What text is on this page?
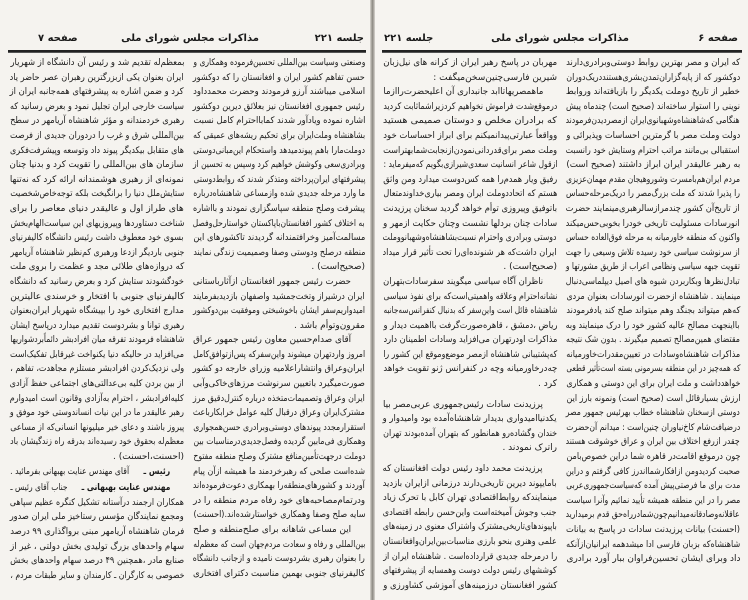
جلسه ۲۲۱
مذاکرات مجلس شورای ملی
صفحه ۷
وصنعتی وسیاست بین‌المللی تحسین‌فرموده وهمکاری و
حسن تفاهم کشور ایران و افغانستان را که دوکشور
اسلامی میباشند آرزو فرمودند وحضرت محمدداود
رئیس جمهوری افغانستان نیز بعلائق دیرین دوکشور
اشاره نموده ویادآور شدند کمابااحترام کامل نسبت
بشاهنشاه وملت‌ایران برای تحکیم ریشه‌های عمیقی که
دوملت‌مارا باهم پیوندمیدهد واستحکام این‌مبانی‌دوستی
وبرادری‌سعی وکوشش خواهیم کرد وسپس به تحسین از
پیشرفتهای ایران‌پرداخته ومتذکر شدند که روابط‌دوستی
ما وارد مرحله جدیدی شده وازمساعی شاهنشاه‌درباره
پیشرفت وصلح منطقه سپاسگزاری نمودند و بااشاره
به اختلاف کشور افغانستان‌باپاکستان خواستار‌حل‌وفصل
مسالمت‌آمیز وخرافتمندانه گردیدند تاکشورهای این
منطقه درصلح ودوستی وصفا وصمیمیت زندگی نمایند
(صحیح‌است) .
حضرت رئیس جمهور افغانستان ازآثارباستانی
ایران درشیراز وتخت‌جمشید واصفهان بازدیدبفرمایند
امیدواریم‌سفر ایشان باخوشبختی وموفقیت بین‌دوکشور
مقرون‌وتوأم باشد .
آقای صدام‌حسین معاون رئیس جمهور عراق
امروز واردتهران میشوند واین‌سفرکه پس‌ازتوافق‌کامل
ایران‌وعراق وانتشاراعلامیه وزرای خارجه دو کشور
صورت‌میگیرد باتعیین سرنوشت مرزهای‌خاکی‌وآبی
ایران وعراق وتصمیمات‌متخذه درباره کنترل‌دقیق مرز
مشترک‌ایران وعراق درقبال کلیه عوامل خرابکارباعث
استقرارمجدد پیوندهای دوستی‌وبرادری حسن‌همجواری
وهمکاری فی‌مابین گردیده وفصل‌جدیدی‌درمناسبات بین
دوملت درجهت‌تأمین‌منافع مشترک وصلح منطقه مفتوح
شده‌است صلحی که رهبرخردمند ما همیشه ازآن پیام
آوردند و کشورهای‌منطقه‌را بهمکاری دعوت‌فرموده‌اند
ودرتمام‌مصاحبه‌های خود رفاه مردم منطقه را در
سایه صلح وصفا وهمکاری خواستارشده‌اند.(احسنت)
این مساعی شاهانه برای صلح‌منطقه و صلح
بین‌المللی و رفاه و سعادت مردم‌جهان است که معظم‌له
را بعنوان رهبری بشردوست نامیده و ازجانب دانشگاه
کالیفرنیای جنوبی بهمین مناسبت دکترای افتخاری
بمعظم‌له تقدیم شد و رئیس آن دانشگاه از شهریار
ایران بعنوان یکی ازبزرگترین رهبران عصر حاضر یاد
کرد و ضمن اشاره به پیشرفتهای همه‌جانبه ایران از
سیاست خارجی ایران تجلیل نمود و بعرض رسانید که
رهبری خردمندانه و مؤثر شاهنشاه آریامهر در سطح
بین‌المللی شرق و غرب را دردوران جدیدی از فرصت
های متقابل بیکدیگر پیوند داد وتوسعه وپیشرفت‌فکری
سازمان های بین‌المللی را تقویت کرد و بدنیا چنان
نمونه‌ای از رهبری هوشمندانه ارائه کرد که نه‌تنها
ستایش‌ملل دنیا را برانگیخت بلکه توجه‌خاص‌شخصیت
های طراز اول و عالیقدر دنیای معاصر را برای
شناخت دستاوردها وپیروزیهای این سیاست‌الهام‌بخش
بسوی خود معطوف داشت رئیس دانشگاه کالیفرنیای
جنوبی باردیگر ازدعا ورهبری کم‌نظیر شاهنشاه آریامهر
که دروازه‌های طلائی مجد و عظمت را بروی ملت
خودگشودند ستایش کرد و بعرض رسانید که دانشگاه
کالیفرنیای جنوبی با افتخار و خرسندی عالیترین
مدارج افتخاری خود را بپیشگاه شهریار ایران‌بعنوان
رهبری توانا و بشردوست تقدیم میدارد درپاسخ ایشان
شاهنشاه فرمودند تفرقه میان افرادبشر دائماًبردشواریها
می‌افزاید در حالیکه دنیا یکنواخت غیرقابل تفکیک‌است
ولی نزدیک‌کردن افرادبشر مستلزم مجاهدت، تفاهم ،
از بین بردن کلیه بی‌عدالتی‌های اجتماعی حفظ آزادی
کلیه‌افرادبشر ، احترام به‌آزادی وقانون است امیدوارم
رهبر عالیقدر ما در این نیات انساندوستی خود موفق و
پیروز باشند و دعای خیر میلیونها انسانی‌که از مساعی
معظم‌له بحقوق خود رسیده‌اند بدرقه راه زندگیشان باد
(احسنت،احسنت) .
رئیس ـ آقای مهندس عنایت بهبهانی بفرمائید .
مهندس عنایت بهبهانی ـ جناب آقای رئیس ـ
همکاران ارجمند درآستانه تشکیل کنگره عظیم سپاهی
ومجمع نمایندگان مؤسس رستاخیز ملی ایران صدور
فرمان شاهنشاه آریامهر مبنی برواگذاری ۹۹ درصد
سهام واحدهای بزرگ تولیدی بخش دولتی ، غیر از
صنایع مادر ،همچنین ۴۹ درصد سهام واحدهای بخش
خصوصی به کارگران ـ کارمندان و سایر طبقات مردم ،
صفحه ۶
مذاکرات مجلس شورای ملی
جلسه ۲۲۱
که ایران و مصر بهترین روابط دوستی‌وبرادری‌دارند
دوکشور که از پایه‌گزاران‌تمدن‌بشری‌هستند‌دریک‌دوران
خطیر از تاریخ دوملت یکدیگر را بازیافته‌اند وروابط
نوینی را استوار ساخته‌اند (صحیح است) چندماه پیش
هنگامی که‌شاهنشاه‌وشهبانوی‌ایران ازمصر‌دیدن‌فرمودند
دولت وملت مصر با گرمترین احساسات وپذیرائی و
استقبالی بی‌مانند مراتب احترام وستایش خود رانسبت
به رهبر عالیقدر ایران ابراز داشتند (صحیح است)
مردم ایران‌هم‌بامسرت وشوروهیجان مقدم مهمان‌عزیزی
را پذیرا شدند که ملت بزرگ‌مصر را دریک‌مرحله‌حساس
از تاریخ‌آن کشور چندمرازسالرهبری‌مینمایند حضرت
انورسادات مسئولیت تاریخی خودرا بخوبی‌حس‌میکند
واکنون که منطقه خاورمیانه به مرحله فوق‌العاده حساس
از سرنوشت سیاسی خود رسیده تلاش وسیعی را جهت
تقویت جبهه سیاسی ونظامی اعراب از طریق مشورتها و
تبادل‌نظرها وبکاربردن شیوه های اصیل دیپلماسی‌دنبال
مینمایند . شاهنشاه ازحضرت انورسادات بعنوان مردی
که‌هم میتواند بجنگد وهم میتواند صلح کند یادفرمودند
بااینجهت مصالح عالیه کشور خود را درک مینمایند وبه
مقتضای همین‌مصالح تصمیم میگیرند . بدون شک نتیجه
مذاکرات شاهنشاه‌وسادات در تعیین‌مقدرات‌خاورمیانه
که همه‌چیز در این منطقه بسرمونی بسته است‌تأثیر قطعی
خواهدداشت و ملت ایران برای این دوستی و همکاری
ارزش بسیارقائل است (صحیح است) ونمونه بارز این
دوستی ازسخنان شاهنشاه خطاب بهرئیس جمهور مصر
درضیافت‌شام کاخ‌نیاوران چنین‌است : میدانم آن‌حضرت
چقدر ازرفع اختلاف بین ایران و عراق خوشوقت هستند
چون درموقع اقامت‌در قاهره شما دراین خصوص‌بامن
صحبت کردید‌ومن ازافکارشما‌اندرز کافی گرفتم و دراین
مدت برای ما فرصتی‌پیش آمده که‌سیاست‌جمهوری‌عربی
مصر را در این منطقه همیشه تأیید نمائیم وآنرا سیاست
عاقلانه‌وصادقانه‌میدانیم‌چون‌شمادرراه‌حق قدم برمیدارید
(احسنت) بیانات پرزیدنت سادات در پاسخ به بیانات
شاهنشاه‌که بزبان فارسی ادا میشد‌همه ایرانیان‌ازآنکه
داد وبرای ایشان تحسین‌فراوان ببار آورد برادری
مهربان در پاسخ رهبر ایران از کرانه های نیل‌زبان
شیرین فارسی‌چنین‌سخن‌میگفت :
ماهمصریهاتاابد جانبداری آن اعلیحضرت‌راازما
درموقع‌شدت فراموش نخواهیم کردزیرا‌شماثابت کردید
که برادران مخلص و دوستان صمیمی هستید
وواقعاً عبارتی‌پیدانمیکنم برای ابراز احساسات خود
وملت مصر برای‌قدردانی‌نمودن‌ازنجابت‌شمابهتر‌است
ازقول شاعر انسانیت سعدی‌شیرازی‌بگویم که‌میفرماید :
رفیق ویار همدم‌را همه کس‌دوست میدارد ومن واثق
هستم که اتحاددوملت ایران ومصر بیاری‌خداوند‌متعال
باتوفیق وپیروزی توأم خواهد گردید سخنان پرزیدنت
سادات چنان بردلها نشست وچنان حکایت ازمهر و
دوستی وبرادری واحترام نسبت‌بشاهنشاه‌وشهبانو‌وملت
ایران داشت‌که هر شنونده‌ای‌را تحت تأثیر قرار میداد
(صحیح‌است) .
ناظران آگاه سیاسی میگویند سفرسادات‌بتهران
نشانه‌احترام وعلاقه واهمیتی‌است‌که برای نفوذ سیاسی
شاهنشاه قائل است واین‌سفر که بدنبال کنفرانس‌سه‌جانبه
ریاض ،دمشق ، قاهره‌صورت‌گرفت بااهمیت دیدار و
مذاکرات اودرتهران می‌افزاید وسادات اطمینان دارد
که‌پشتیبانی شاهنشاه ازمصر موضع‌وموقع این کشور را
چه‌درخاورمیانه وچه در کنفرانس ژنو تقویت خواهد
کرد .
پرزیدنت سادات رئیس‌جمهوری عربی‌مصر بیا
یکدنیاامیدواری بدیدار شاهنشاه‌آمده بود وامیدوار و
خندان وگشاده‌رو همانطور که بتهران آمده‌بودند تهران
راترک نمودند .
پرزیدنت محمد داود رئیس دولت افغانستان که
بامایپوند دیرین تاریخی‌دارند درزمانی ازایران بازدید
مینمایندکه روابط‌اقتصادی تهران کابل با تحرک زیاد
جنب وجوش آمیخته‌است واین‌حسن رابطه اقتصادی
باپیوندهای‌تاریخی‌مشترک واشتراک معنوی در زمینه‌های
علمی وهنری بنحو بارزی مناسبات‌بین‌ایران‌وافغانستان
را درمرحله جدیدی قرارداده‌است . شاهنشاه ایران از
کوششهای رئیس دولت دوست وهمسایه از پیشرفتهای
کشور افغانستان درزمینه‌های آموزشی کشاورزی و
